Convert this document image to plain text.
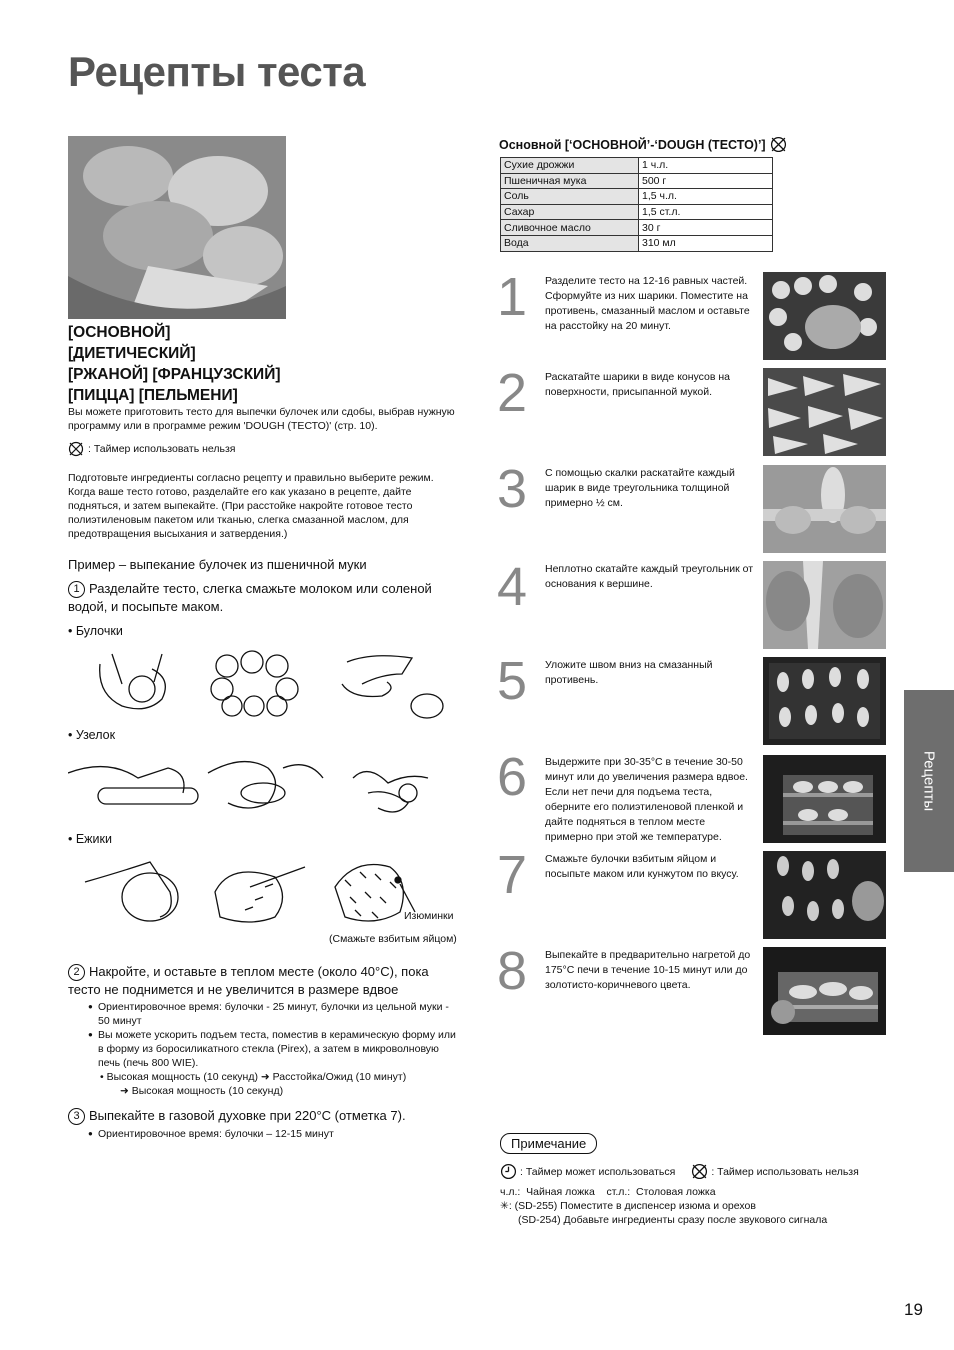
Рецепты теста
[ОСНОВНОЙ]
[ДИЕТИЧЕСКИЙ]
[РЖАНОЙ] [ФРАНЦУЗСКИЙ]
[ПИЦЦА] [ПЕЛЬМЕНИ]
Вы можете приготовить тесто для выпечки булочек или сдобы, выбрав нужную программу или в программе режим 'DOUGH (ТЕСТО)' (стр. 10).
: Таймер использовать нельзя
Подготовьте ингредиенты согласно рецепту и правильно выберите режим. Когда ваше тесто готово, разделайте его как указано в рецепте, дайте подняться, и затем выпекайте. (При расстойке накройте готовое тесто полиэтиленовым пакетом или тканью, слегка смазанной маслом, для предотвращения высыхания и затвердения.)
Пример – выпекание булочек из пшеничной муки
1 Разделайте тесто, слегка смажьте молоком или соленой водой, и посыпьте маком.
• Булочки
• Узелок
• Ежики
Изюминки
(Смажьте взбитым яйцом)
2 Накройте, и оставьте в теплом месте (около 40°C), пока тесто не поднимется и не увеличится в размере вдвое
● Ориентировочное время: булочки - 25 минут, булочки из цельной муки - 50 минут
● Вы можете ускорить подъем теста, поместив в керамическую форму или в форму из боросиликатного стекла (Pirex), а затем в микроволновую печь (печь 800 WIE).
• Высокая мощность (10 секунд) ➜ Расстойка/Ожид (10 минут)
➜ Высокая мощность (10 секунд)
3 Выпекайте в газовой духовке при 220°C (отметка 7).
● Ориентировочное время: булочки – 12-15 минут
Основной [‘ОСНОВНОЙ’-‘DOUGH (ТЕСТО)’]
Сухие дрожжи	1 ч.л.
Пшеничная мука	500 г
Соль	1,5 ч.л.
Сахар	1,5 ст.л.
Сливочное масло	30 г
Вода	310 мл
1 Разделите тесто на 12-16 равных частей. Сформуйте из них шарики. Поместите на противень, смазанный маслом и оставьте на расстойку на 20 минут.
2 Раскатайте шарики в виде конусов на поверхности, присыпанной мукой.
3 С помощью скалки раскатайте каждый шарик в виде треугольника толщиной примерно ½ см.
4 Неплотно скатайте каждый треугольник от основания к вершине.
5 Уложите швом вниз на смазанный противень.
6 Выдержите при 30-35°C в течение 30-50 минут или до увеличения размера вдвое. Если нет печи для подъема теста, оберните его полиэтиленовой пленкой и дайте подняться в теплом месте примерно при этой же температуре.
7 Смажьте булочки взбитым яйцом и посыпьте маком или кунжутом по вкусу.
8 Выпекайте в предварительно нагретой до 175°C печи в течение 10-15 минут или до золотисто-коричневого цвета.
Рецепты
Примечание
: Таймер может использоваться	: Таймер использовать нельзя
ч.л.:  Чайная ложка    ст.л.:  Столовая ложка
✳: (SD-255) Поместите в диспенсер изюма и орехов
(SD-254) Добавьте ингредиенты сразу после звукового сигнала
19
